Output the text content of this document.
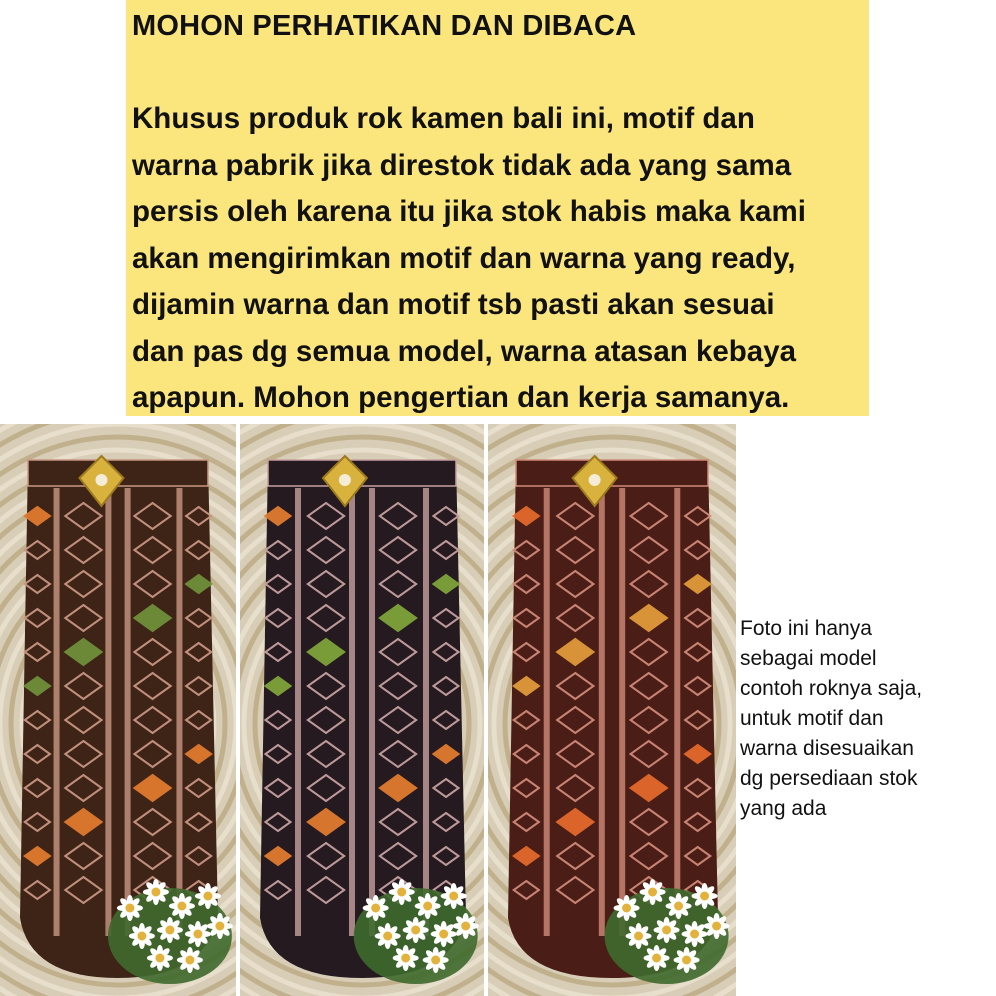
MOHON PERHATIKAN DAN DIBACA

Khusus produk rok kamen bali ini, motif dan
warna pabrik jika direstok tidak ada yang sama
persis oleh karena itu jika stok habis maka kami
akan mengirimkan motif dan warna yang ready,
dijamin warna dan motif tsb pasti akan sesuai
dan pas dg semua model, warna atasan kebaya
apapun. Mohon pengertian dan kerja samanya.

Foto ini hanya
sebagai model
contoh roknya saja,
untuk motif dan
warna disesuaikan
dg persediaan stok
yang ada
